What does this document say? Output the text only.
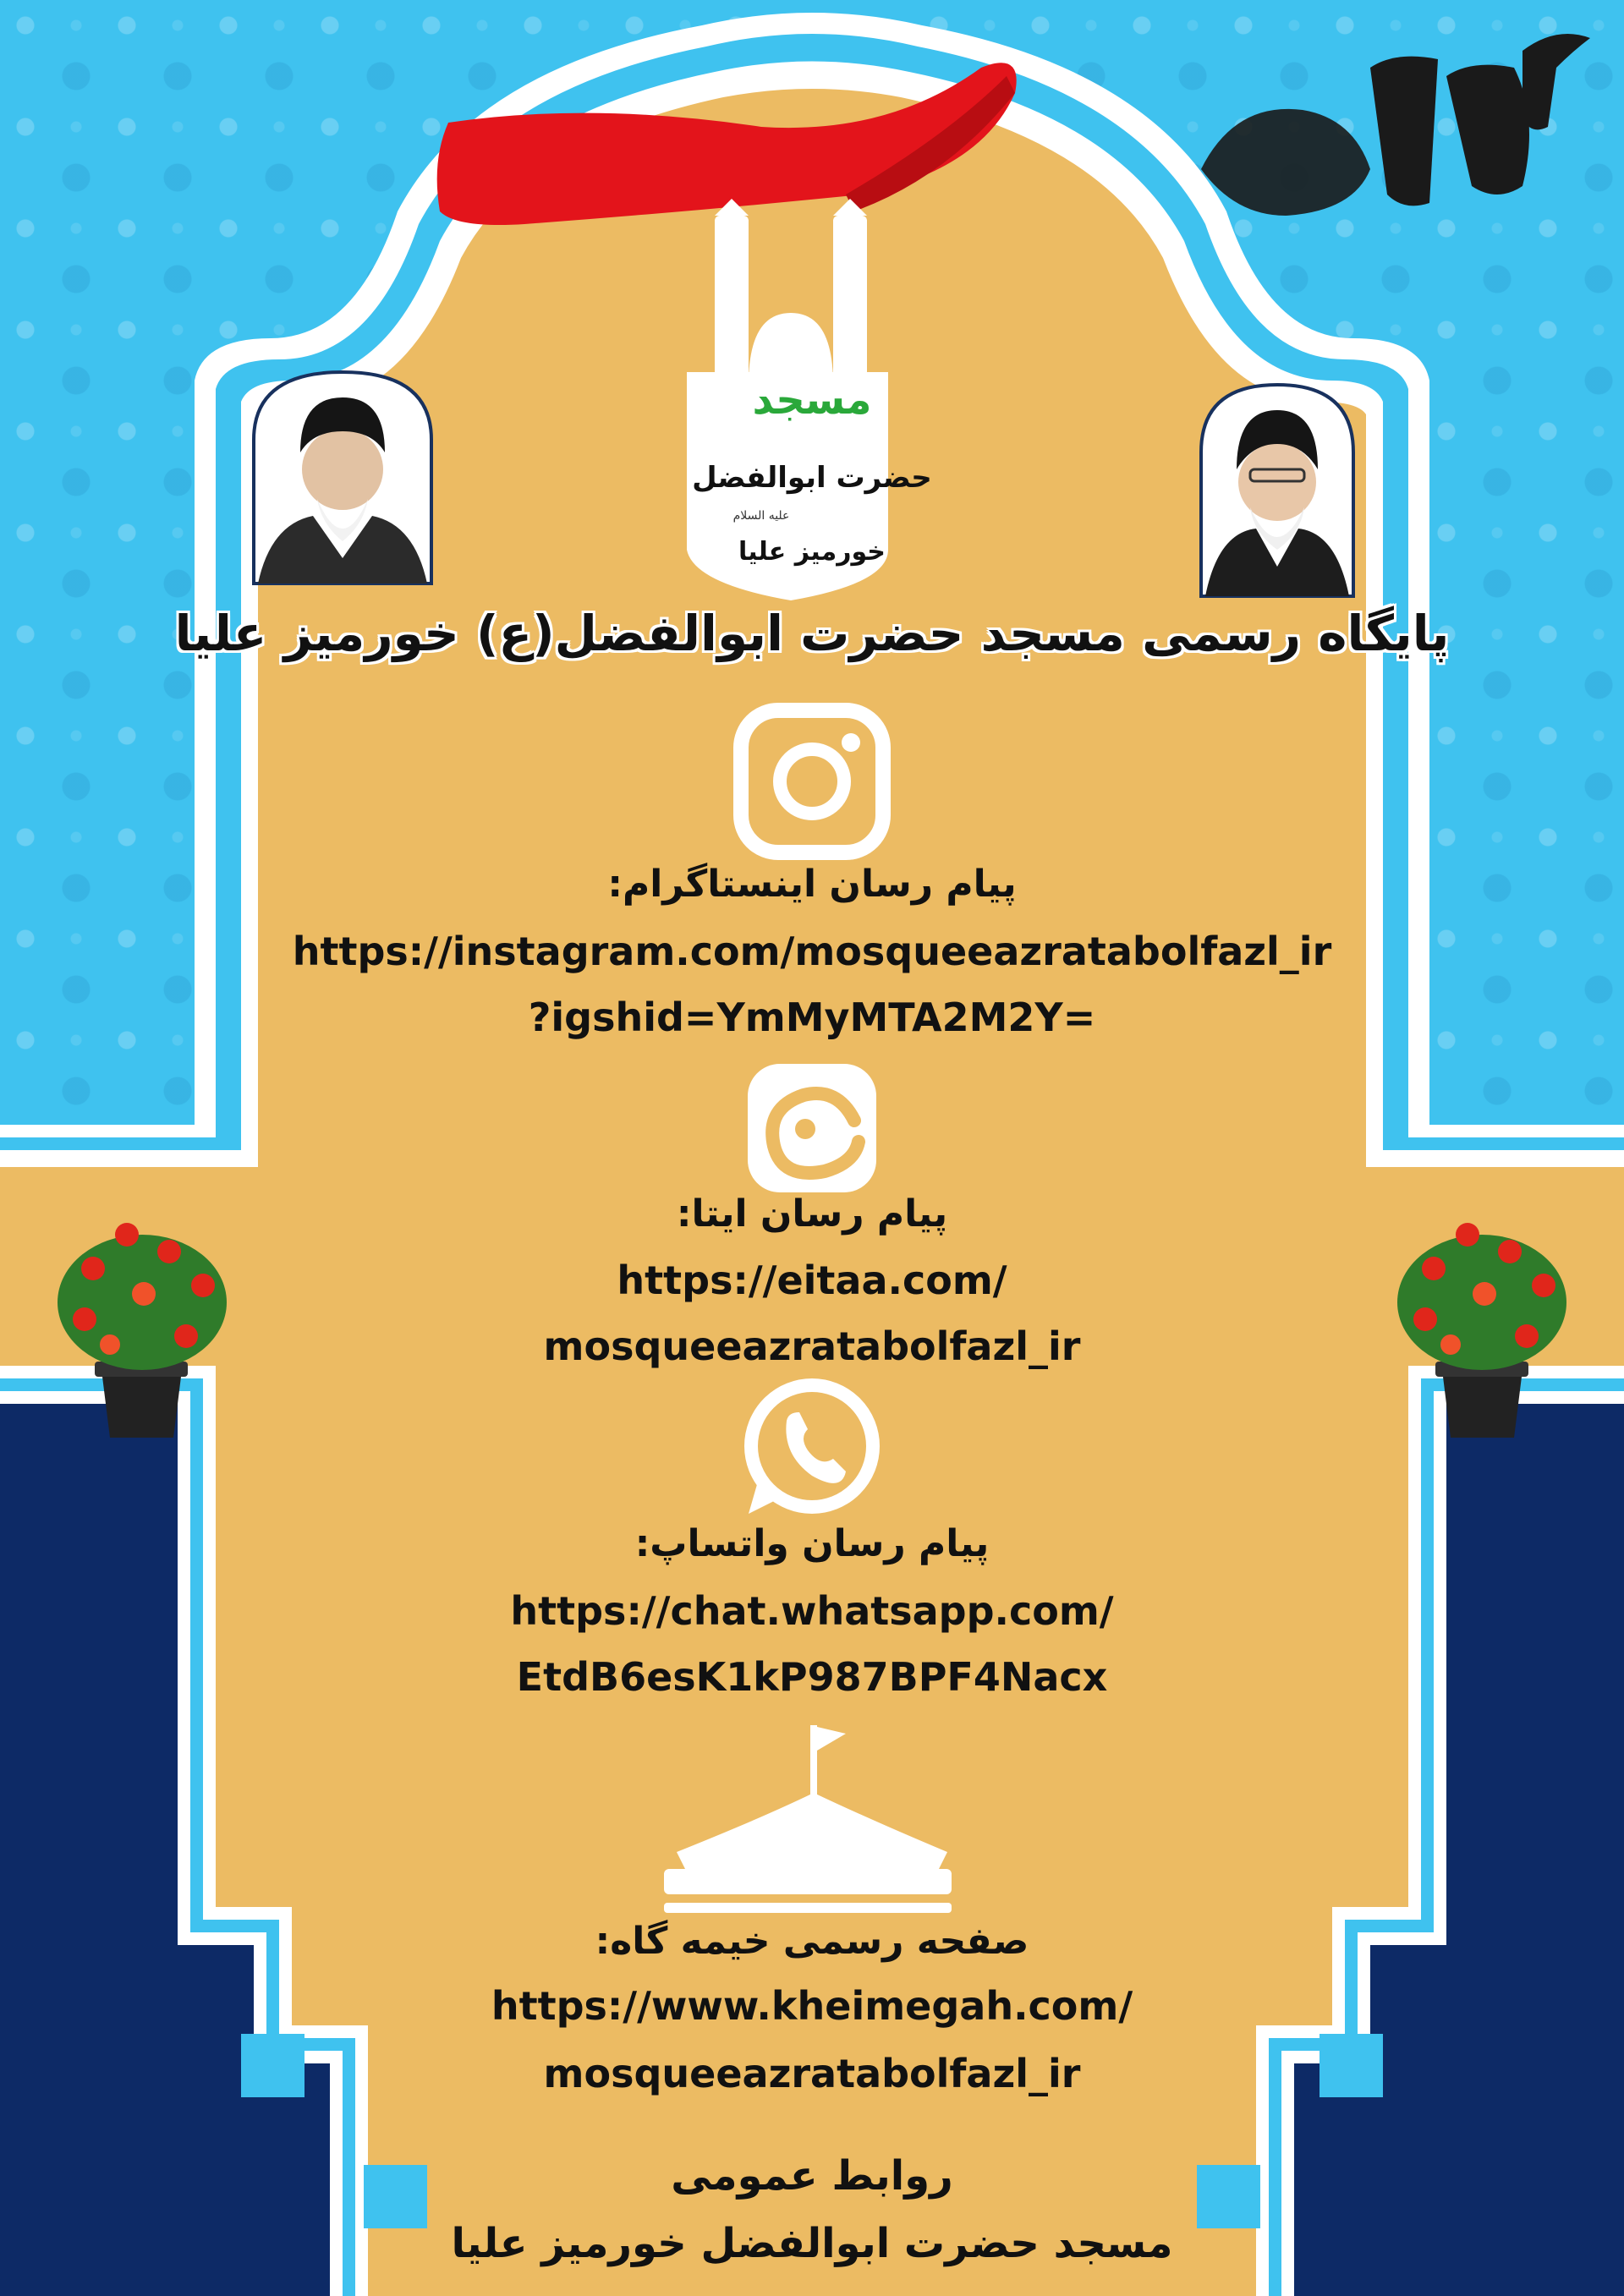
مسجد
حضرت ابوالفضل
علیه السلام
خورمیز علیا
پایگاه رسمی مسجد حضرت ابوالفضل(ع) خورمیز علیا
پیام رسان اینستاگرام:
https://instagram.com/mosqueeazratabolfazl_ir
?igshid=YmMyMTA2M2Y=
پیام رسان ایتا:
https://eitaa.com/
mosqueeazratabolfazl_ir
پیام رسان واتساپ:
https://chat.whatsapp.com/
EtdB6esK1kP987BPF4Nacx
KHEIMEGAH.com
صفحه رسمی خیمه گاه:
https://www.kheimegah.com/
mosqueeazratabolfazl_ir
روابط عمومی
مسجد حضرت ابوالفضل خورمیز علیا
